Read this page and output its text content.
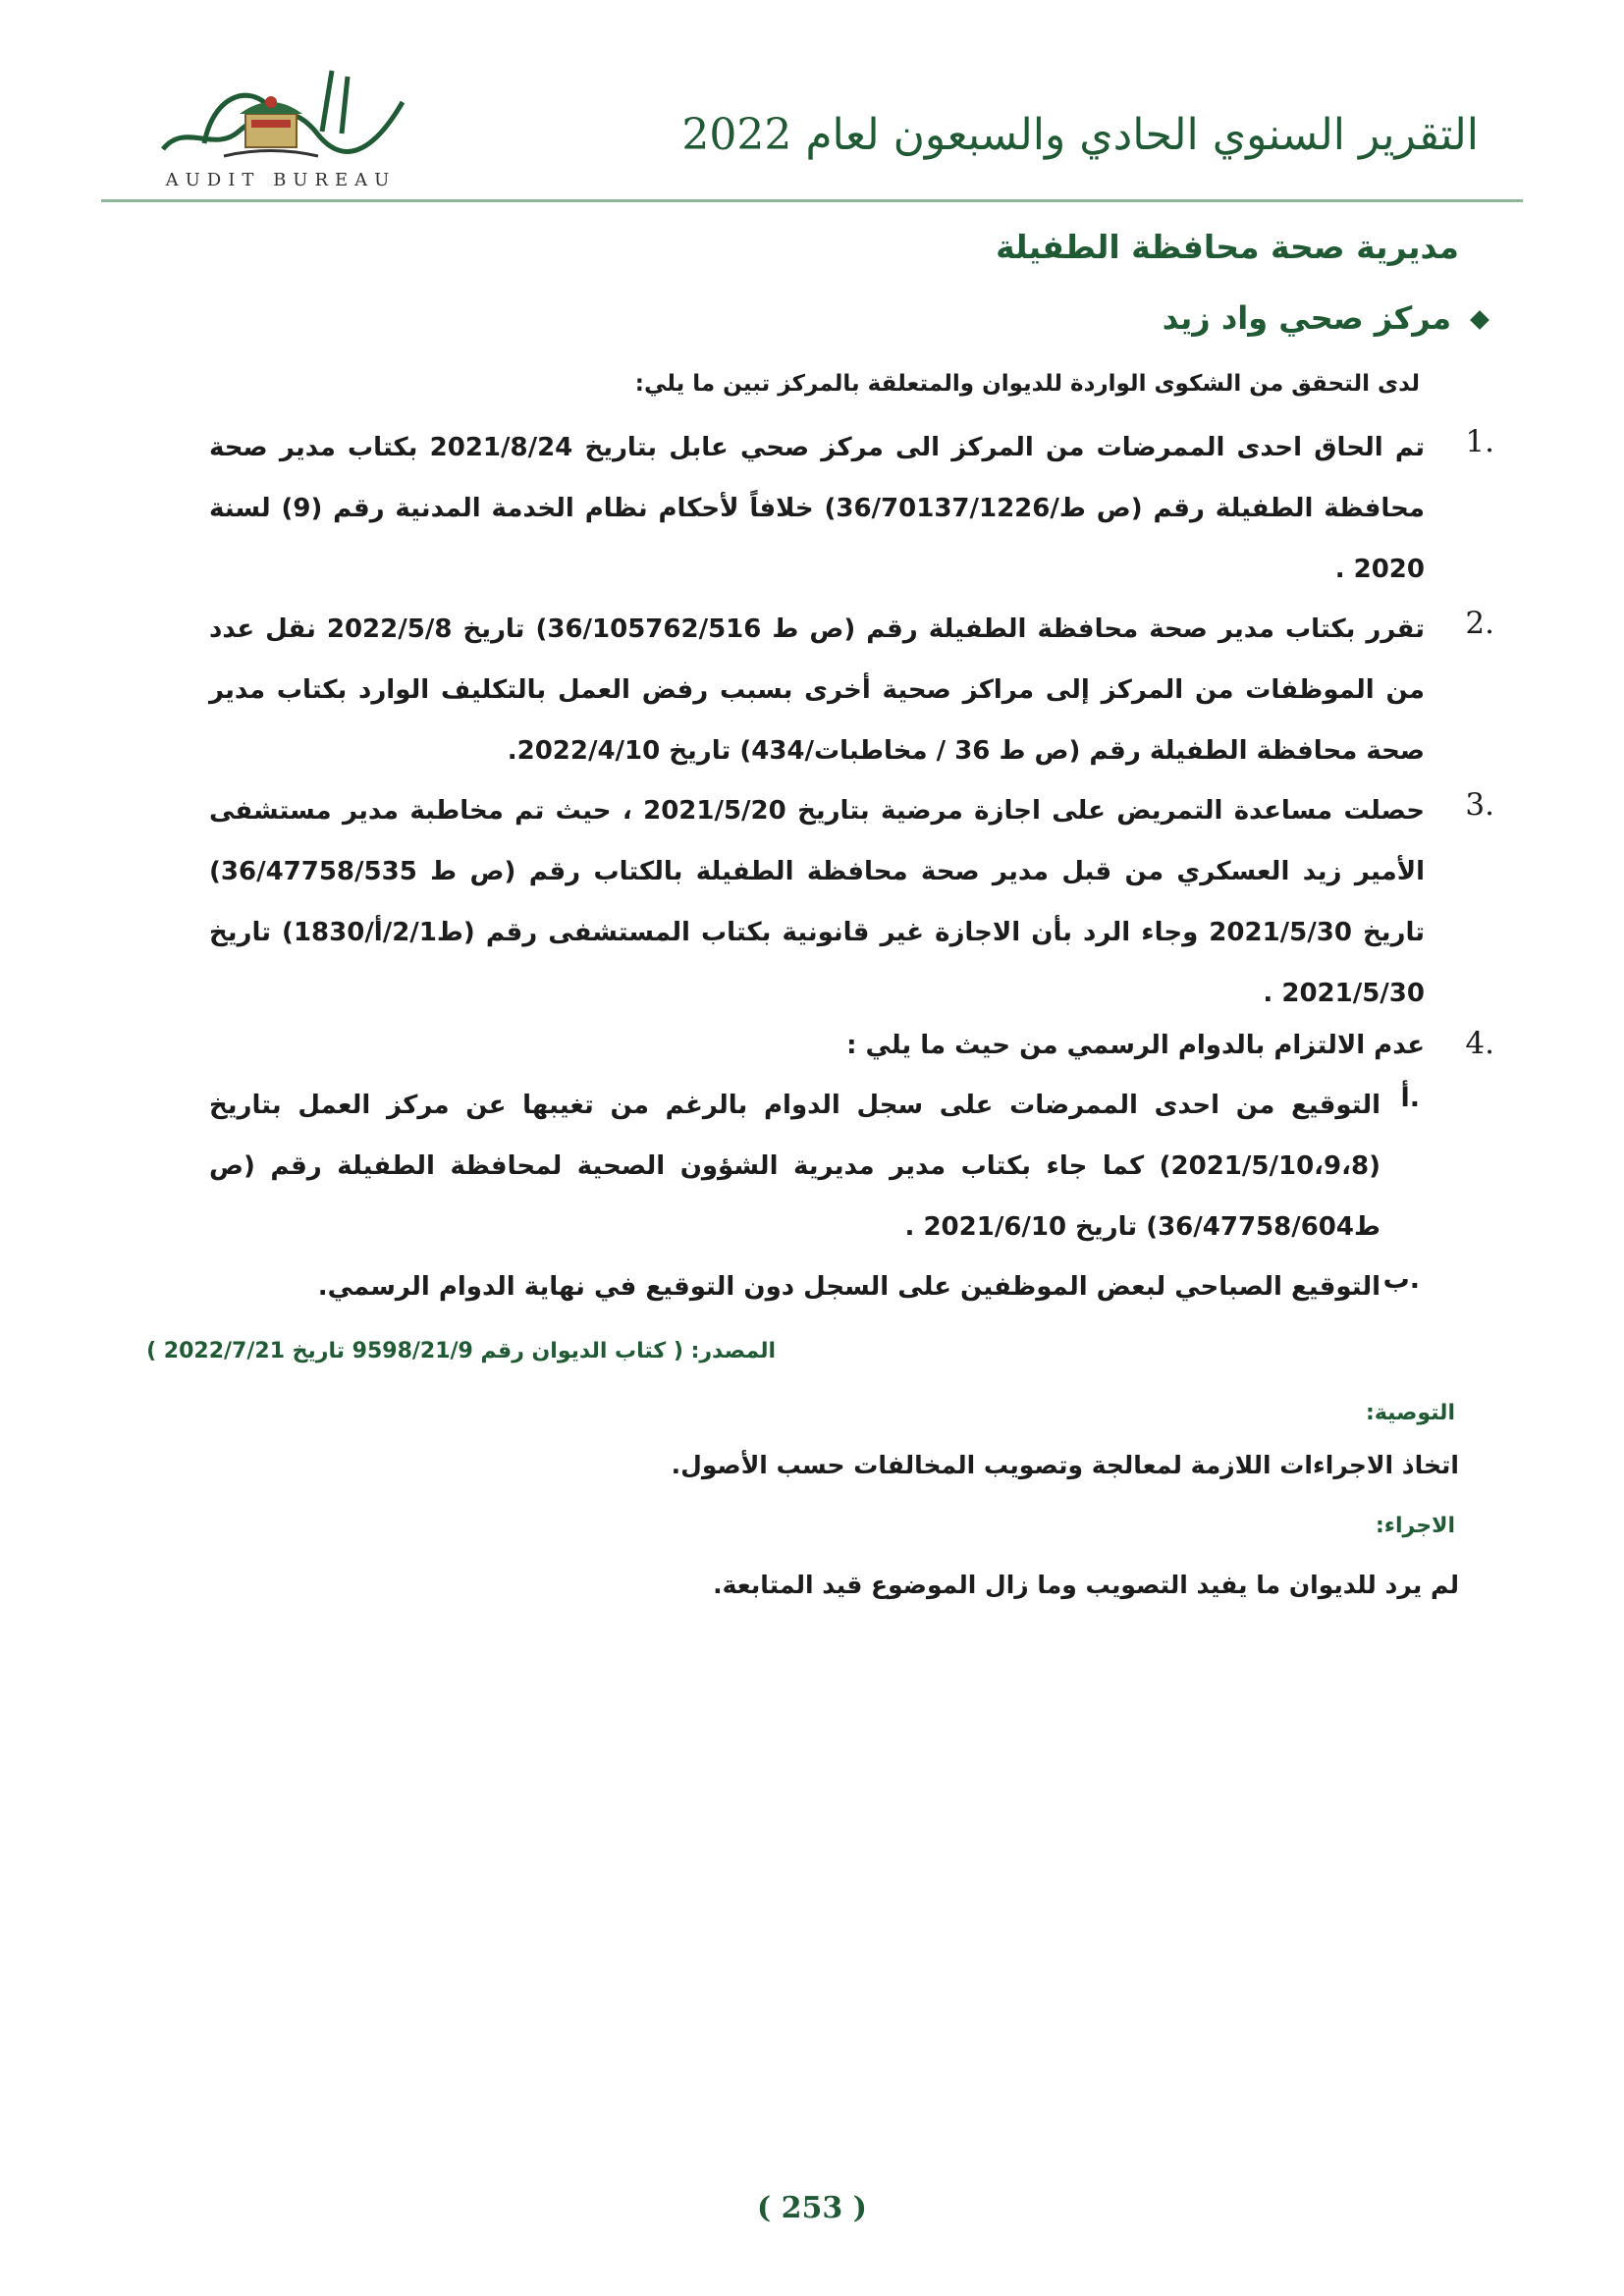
AUDIT BUREAU
التقرير السنوي الحادي والسبعون لعام 2022
مديرية صحة محافظة الطفيلة
مركز صحي واد زيد
لدى التحقق من الشكوى الواردة للديوان والمتعلقة بالمركز تبين ما يلي:
1.
تم الحاق احدى الممرضات من المركز الى مركز صحي عابل بتاريخ 2021/8/24 بكتاب مدير صحة محافظة الطفيلة رقم (ص ط/36/70137/1226) خلافاً لأحكام نظام الخدمة المدنية رقم (9) لسنة 2020 .
2.
تقرر بكتاب مدير صحة محافظة الطفيلة رقم (ص ط 36/105762/516) تاريخ 2022/5/8 نقل عدد من الموظفات من المركز إلى مراكز صحية أخرى بسبب رفض العمل بالتكليف الوارد بكتاب مدير صحة محافظة الطفيلة رقم (ص ط 36 / مخاطبات/434) تاريخ 2022/4/10.
3.
حصلت مساعدة التمريض على اجازة مرضية بتاريخ 2021/5/20 ، حيث تم مخاطبة مدير مستشفى الأمير زيد العسكري من قبل مدير صحة محافظة الطفيلة بالكتاب رقم (ص ط 36/47758/535) تاريخ 2021/5/30 وجاء الرد بأن الاجازة غير قانونية بكتاب المستشفى رقم (ط2/1/أ/1830) تاريخ 2021/5/30 .
4.
عدم الالتزام بالدوام الرسمي من حيث ما يلي :
أ.
التوقيع من احدى الممرضات على سجل الدوام بالرغم من تغيبها عن مركز العمل بتاريخ (2021/5/10،9،8) كما جاء بكتاب مدير مديرية الشؤون الصحية لمحافظة الطفيلة رقم (ص ط36/47758/604) تاريخ 2021/6/10 .
ب.
التوقيع الصباحي لبعض الموظفين على السجل دون التوقيع في نهاية الدوام الرسمي.
المصدر: ( كتاب الديوان رقم 9598/21/9 تاريخ 2022/7/21 )
التوصية:
اتخاذ الاجراءات اللازمة لمعالجة وتصويب المخالفات حسب الأصول.
الاجراء:
لم يرد للديوان ما يفيد التصويب وما زال الموضوع قيد المتابعة.
( 253 )
